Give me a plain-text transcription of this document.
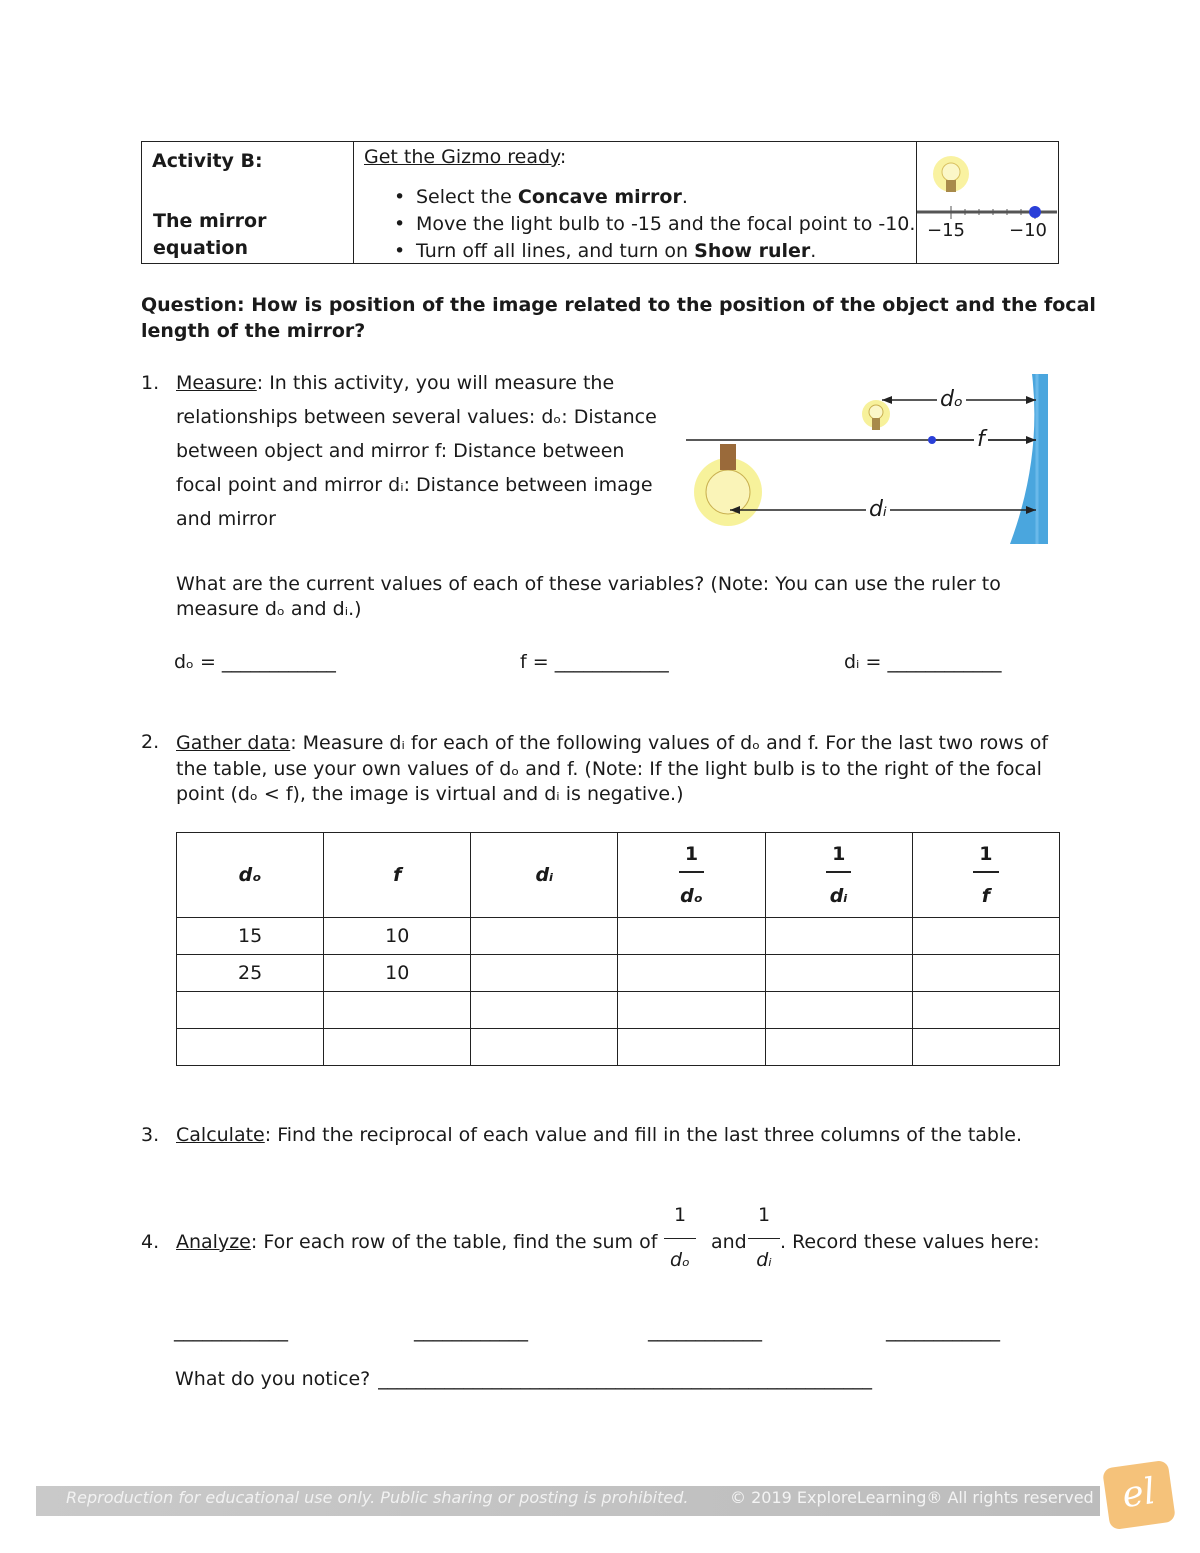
Activity B:
The mirror
equation
Get the Gizmo ready:
• Select the Concave mirror.
• Move the light bulb to -15 and the focal point to -10.
• Turn off all lines, and turn on Show ruler.
−15 −10
Question: How is position of the image related to the position of the object and the focal
length of the mirror?
1. Measure: In this activity, you will measure the
relationships between several values: dₒ: Distance
between object and mirror f: Distance between
focal point and mirror dᵢ: Distance between image
and mirror
dₒ
f
dᵢ
What are the current values of each of these variables? (Note: You can use the ruler to
measure dₒ and dᵢ.)
dₒ = ____________	f = ____________	dᵢ = ____________
2. Gather data: Measure dᵢ for each of the following values of dₒ and f. For the last two rows of
the table, use your own values of dₒ and f. (Note: If the light bulb is to the right of the focal
point (dₒ < f), the image is virtual and dᵢ is negative.)
dₒ	f	dᵢ	$\frac{1}{\text{dₒ}}$	$\frac{1}{\text{dᵢ}}$	$\frac{1}{f}$

15	10				
25	10				

3. Calculate: Find the reciprocal of each value and fill in the last three columns of the table.
4. Analyze: For each row of the table, find the sum of
1
dₒ
and
1
dᵢ
. Record these values here:
____________	____________	____________	____________
What do you notice? ____________________________________________________
Reproduction for educational use only. Public sharing or posting is prohibited.	© 2019 ExploreLearning® All rights reserved el
